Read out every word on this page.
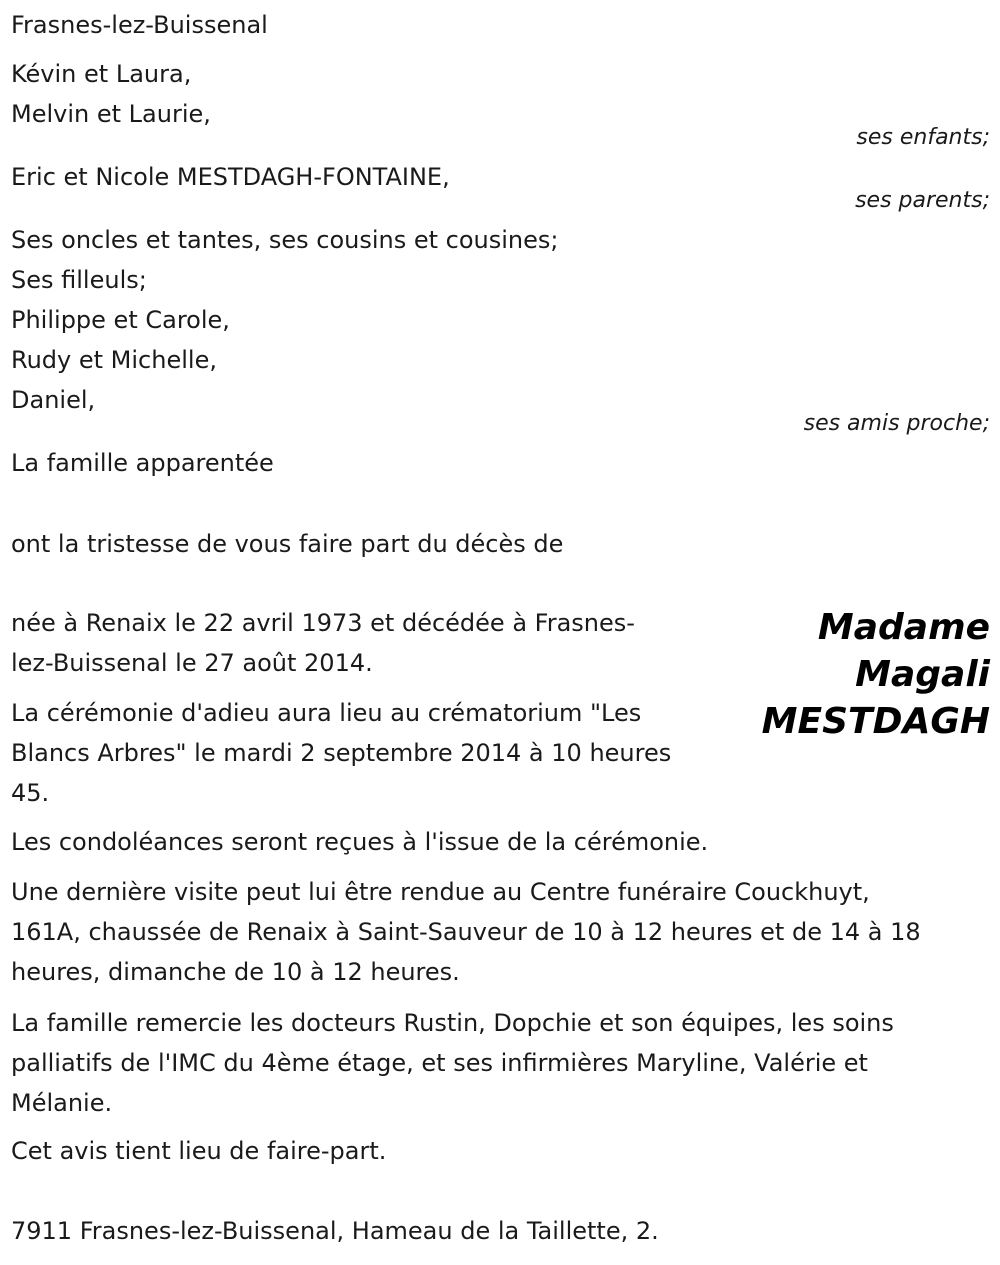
Frasnes-lez-Buissenal
Kévin et Laura,
Melvin et Laurie,
ses enfants;
Eric et Nicole MESTDAGH-FONTAINE,
ses parents;
Ses oncles et tantes, ses cousins et cousines;
Ses filleuls;
Philippe et Carole,
Rudy et Michelle,
Daniel,
ses amis proche;
La famille apparentée
ont la tristesse de vous faire part du décès de
Madame
Magali
MESTDAGH
née à Renaix le 22 avril 1973 et décédée à Frasnes-
lez-Buissenal le 27 août 2014.
La cérémonie d'adieu aura lieu au crématorium "Les
Blancs Arbres" le mardi 2 septembre 2014 à 10 heures
45.
Les condoléances seront reçues à l'issue de la cérémonie.
Une dernière visite peut lui être rendue au Centre funéraire Couckhuyt,
161A, chaussée de Renaix à Saint-Sauveur de 10 à 12 heures et de 14 à 18
heures, dimanche de 10 à 12 heures.
La famille remercie les docteurs Rustin, Dopchie et son équipes, les soins
palliatifs de l'IMC du 4ème étage, et ses infirmières Maryline, Valérie et
Mélanie.
Cet avis tient lieu de faire-part.
7911 Frasnes-lez-Buissenal, Hameau de la Taillette, 2.
